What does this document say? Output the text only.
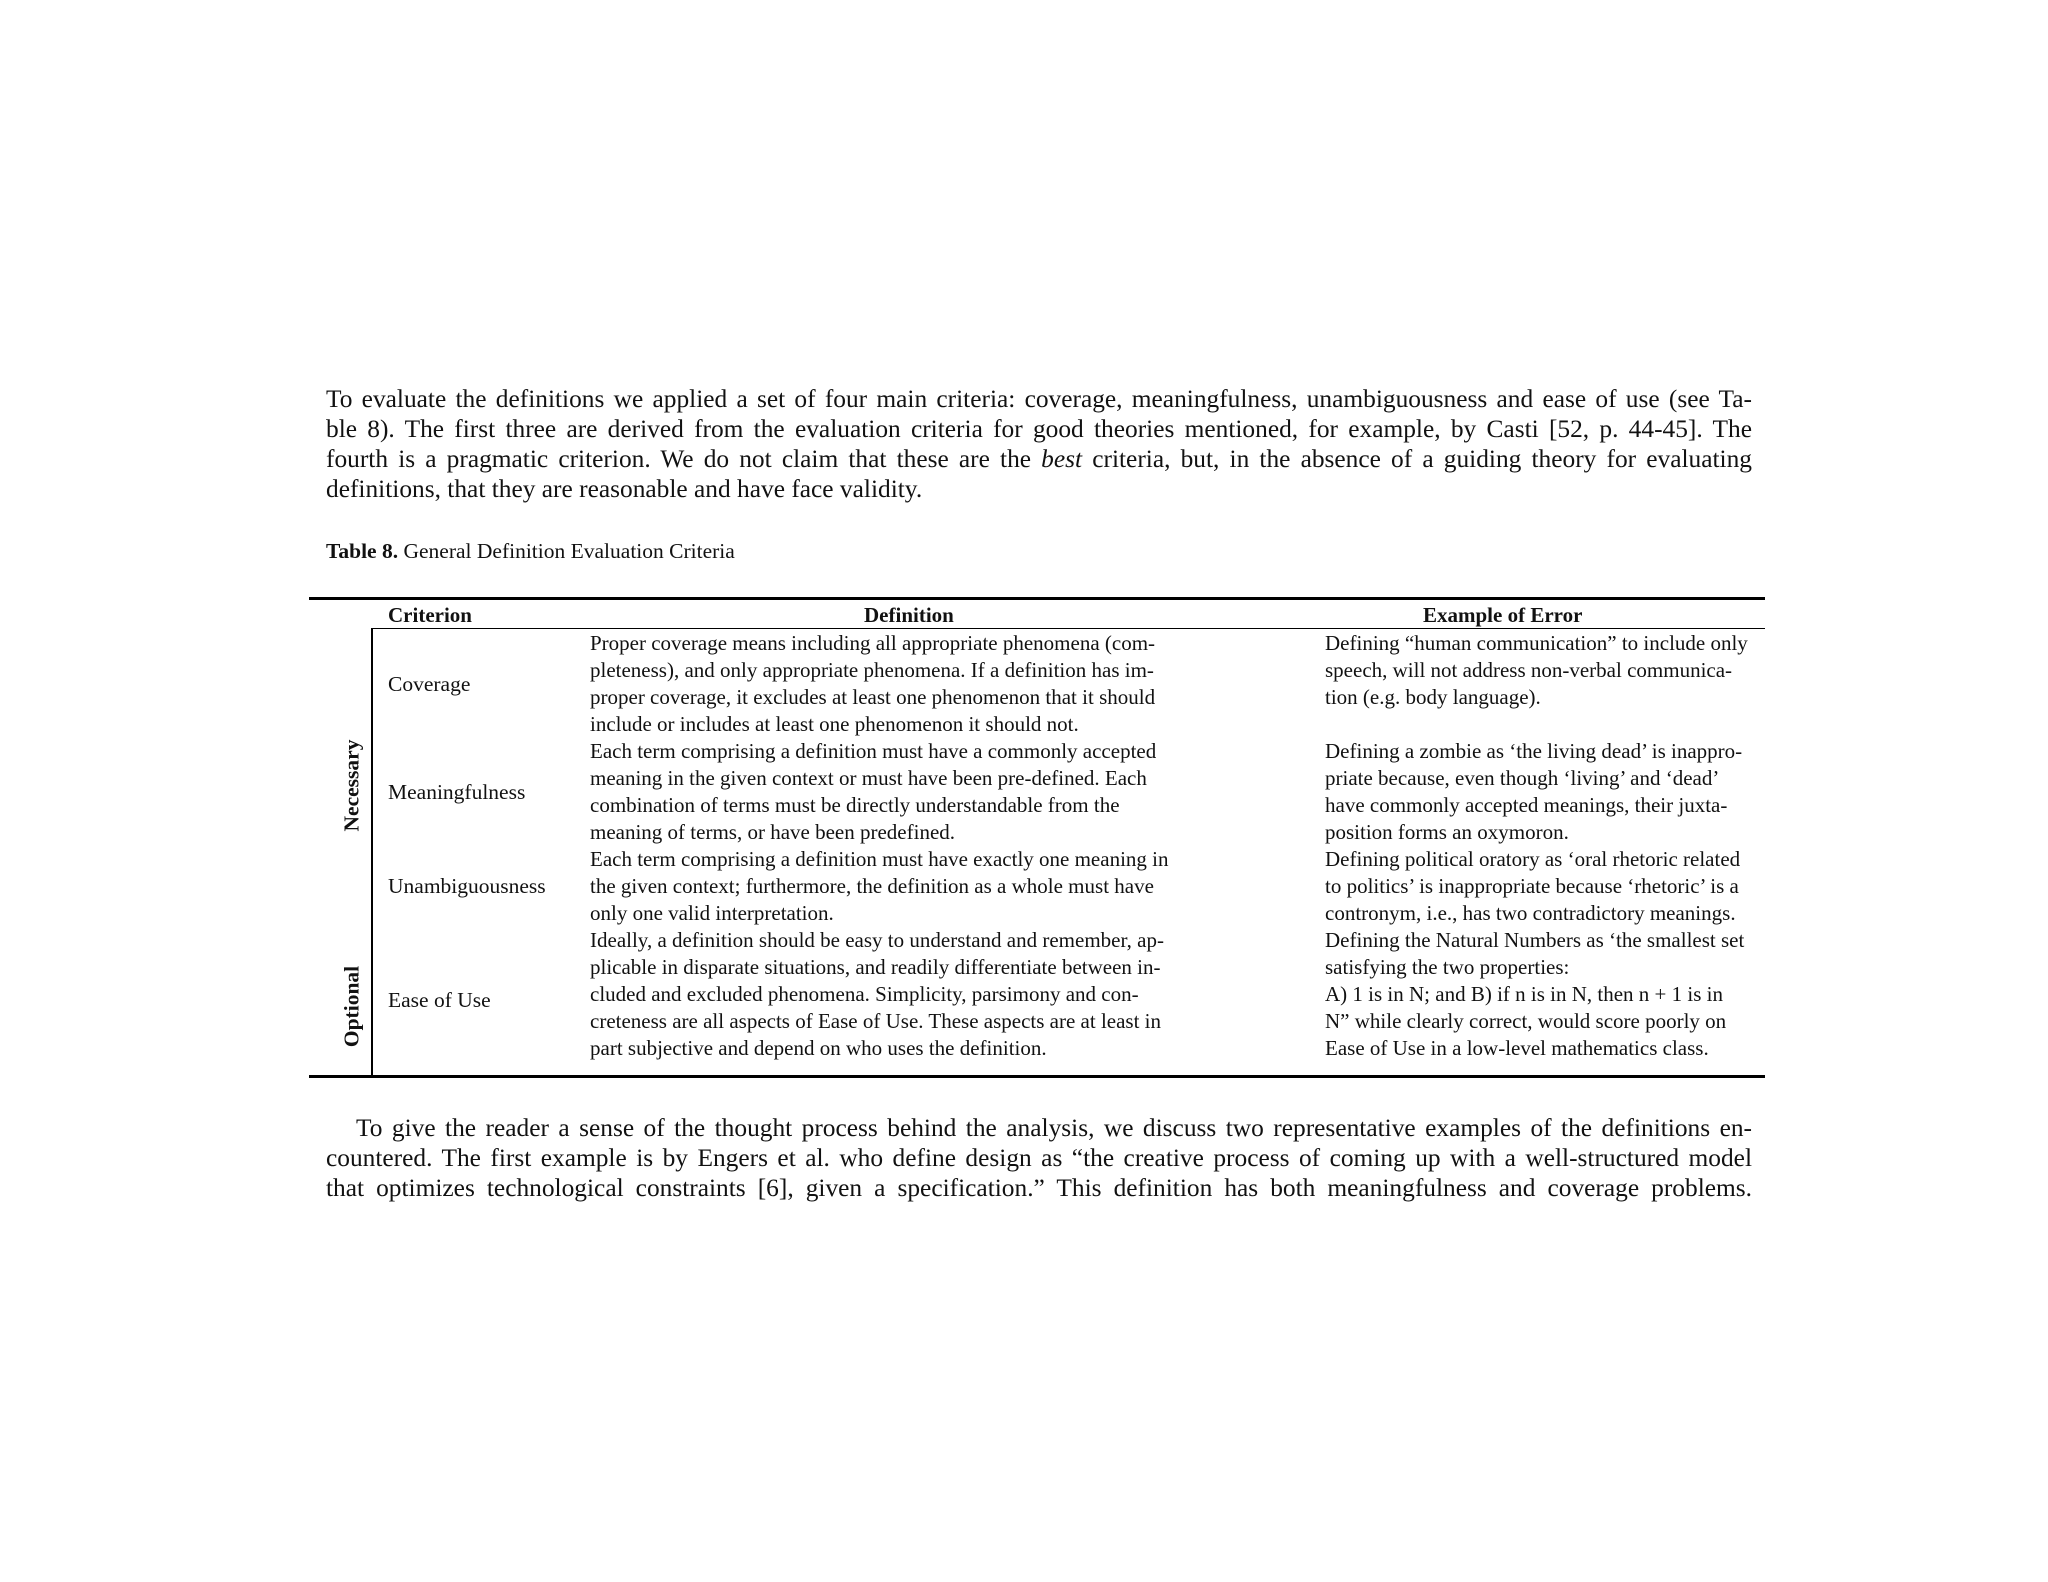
To evaluate the definitions we applied a set of four main criteria: coverage, meaningfulness, unambiguousness and ease of use (see Ta-
ble 8). The first three are derived from the evaluation criteria for good theories mentioned, for example, by Casti [52, p. 44-45]. The
fourth is a pragmatic criterion. We do not claim that these are the best criteria, but, in the absence of a guiding theory for evaluating
definitions, that they are reasonable and have face validity.
Table 8. General Definition Evaluation Criteria
Criterion	Definition	Example of Error
Necessary
Optional
Coverage
Meaningfulness
Unambiguousness
Ease of Use
Proper coverage means including all appropriate phenomena (com-
pleteness), and only appropriate phenomena. If a definition has im-
proper coverage, it excludes at least one phenomenon that it should
include or includes at least one phenomenon it should not.
Defining “human communication” to include only
speech, will not address non-verbal communica-
tion (e.g. body language).
Each term comprising a definition must have a commonly accepted
meaning in the given context or must have been pre-defined. Each
combination of terms must be directly understandable from the
meaning of terms, or have been predefined.
Defining a zombie as ‘the living dead’ is inappro-
priate because, even though ‘living’ and ‘dead’
have commonly accepted meanings, their juxta-
position forms an oxymoron.
Each term comprising a definition must have exactly one meaning in
the given context; furthermore, the definition as a whole must have
only one valid interpretation.
Defining political oratory as ‘oral rhetoric related
to politics’ is inappropriate because ‘rhetoric’ is a
contronym, i.e., has two contradictory meanings.
Ideally, a definition should be easy to understand and remember, ap-
plicable in disparate situations, and readily differentiate between in-
cluded and excluded phenomena. Simplicity, parsimony and con-
creteness are all aspects of Ease of Use. These aspects are at least in
part subjective and depend on who uses the definition.
Defining the Natural Numbers as ‘the smallest set
satisfying the two properties:
A) 1 is in N; and B) if n is in N, then n + 1 is in
N” while clearly correct, would score poorly on
Ease of Use in a low-level mathematics class.
To give the reader a sense of the thought process behind the analysis, we discuss two representative examples of the definitions en-
countered. The first example is by Engers et al. who define design as “the creative process of coming up with a well-structured model
that optimizes technological constraints [6], given a specification.” This definition has both meaningfulness and coverage problems.
